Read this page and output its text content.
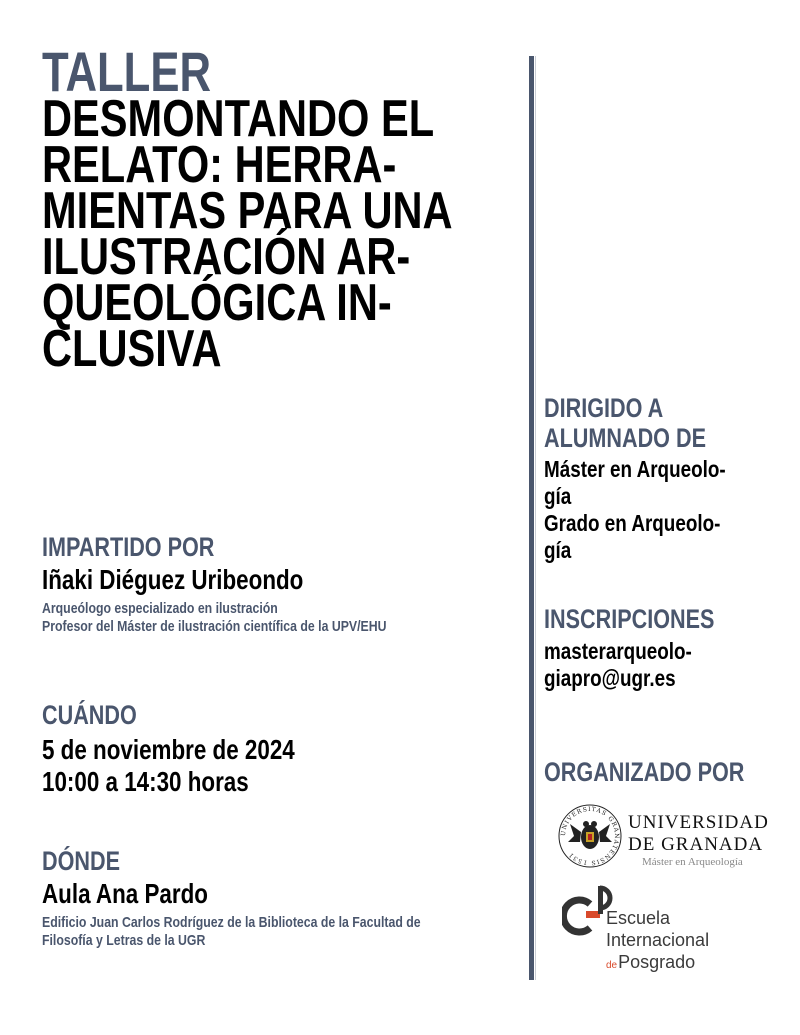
TALLER
DESMONTANDO EL
RELATO: HERRA-
MIENTAS PARA UNA
ILUSTRACIÓN AR-
QUEOLÓGICA IN-
CLUSIVA
IMPARTIDO POR
Iñaki Diéguez Uribeondo
Arqueólogo especializado en ilustración
Profesor del Máster de ilustración científica de la UPV/EHU
CUÁNDO
5 de noviembre de 2024
10:00 a 14:30 horas
DÓNDE
Aula Ana Pardo
Edificio Juan Carlos Rodríguez de la Biblioteca de la Facultad de
Filosofía y Letras de la UGR
DIRIGIDO A
ALUMNADO DE
Máster en Arqueolo-
gía
Grado en Arqueolo-
gía
INSCRIPCIONES
masterarqueolo-
giapro@ugr.es
ORGANIZADO POR
UNIVERSITAS GRANATENSIS 1531
UNIVERSIDAD
DE GRANADA
Máster en Arqueología
Escuela
Internacional
dePosgrado
